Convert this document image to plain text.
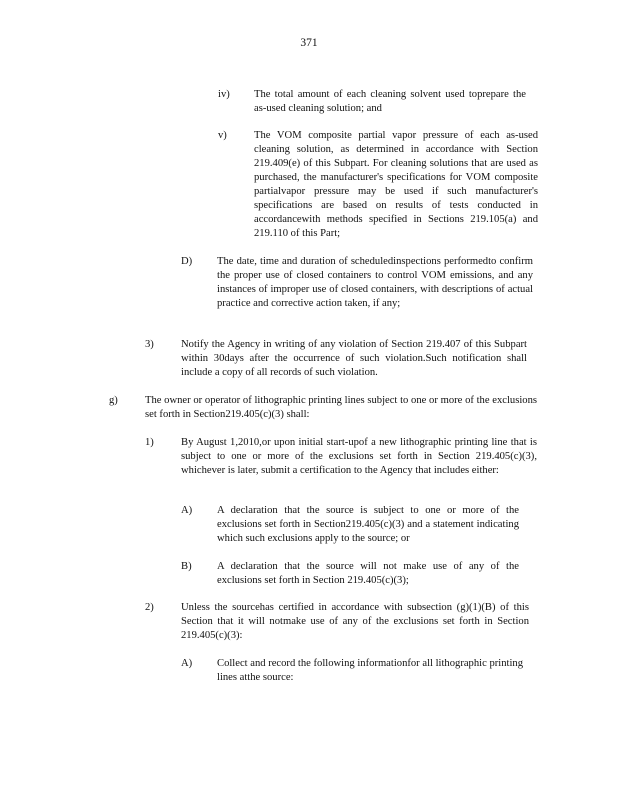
371
iv) The total amount of each cleaning solvent used toprepare the as-used cleaning solution; and
v)	The VOM composite partial vapor pressure of each as-used cleaning solution, as determined in accordance with Section 219.409(e) of this Subpart. For cleaning solutions that are used as purchased, the manufacturer's specifications for VOM composite partialvapor pressure may be used if such manufacturer's specifications are based on results of tests conducted in accordancewith methods specified in Sections 219.105(a) and 219.110 of this Part;
D) The date, time and duration of scheduledinspections performedto confirm the proper use of closed containers to control VOM emissions, and any instances of improper use of closed containers, with descriptions of actual practice and corrective action taken, if any;
3)	Notify the Agency in writing of any violation of Section 219.407 of this Subpart within 30days after the occurrence of such violation.Such notification shall include a copy of all records of such violation.
g)	The owner or operator of lithographic printing lines subject to one or more of the exclusions set forth in Section219.405(c)(3) shall:
1)	By August 1,2010,or upon initial start-upof a new lithographic printing line that is subject to one or more of the exclusions set forth in Section 219.405(c)(3), whichever is later, submit a certification to the Agency that includes either:
A) A declaration that the source is subject to one or more of the exclusions set forth in Section219.405(c)(3) and a statement indicating which such exclusions apply to the source; or
B) A declaration that the source will not make use of any of the exclusions set forth in Section 219.405(c)(3);
2)	Unless the sourcehas certified in accordance with subsection (g)(1)(B) of this Section that it will notmake use of any of the exclusions set forth in Section 219.405(c)(3):
A) Collect and record the following informationfor all lithographic printing lines atthe source:
